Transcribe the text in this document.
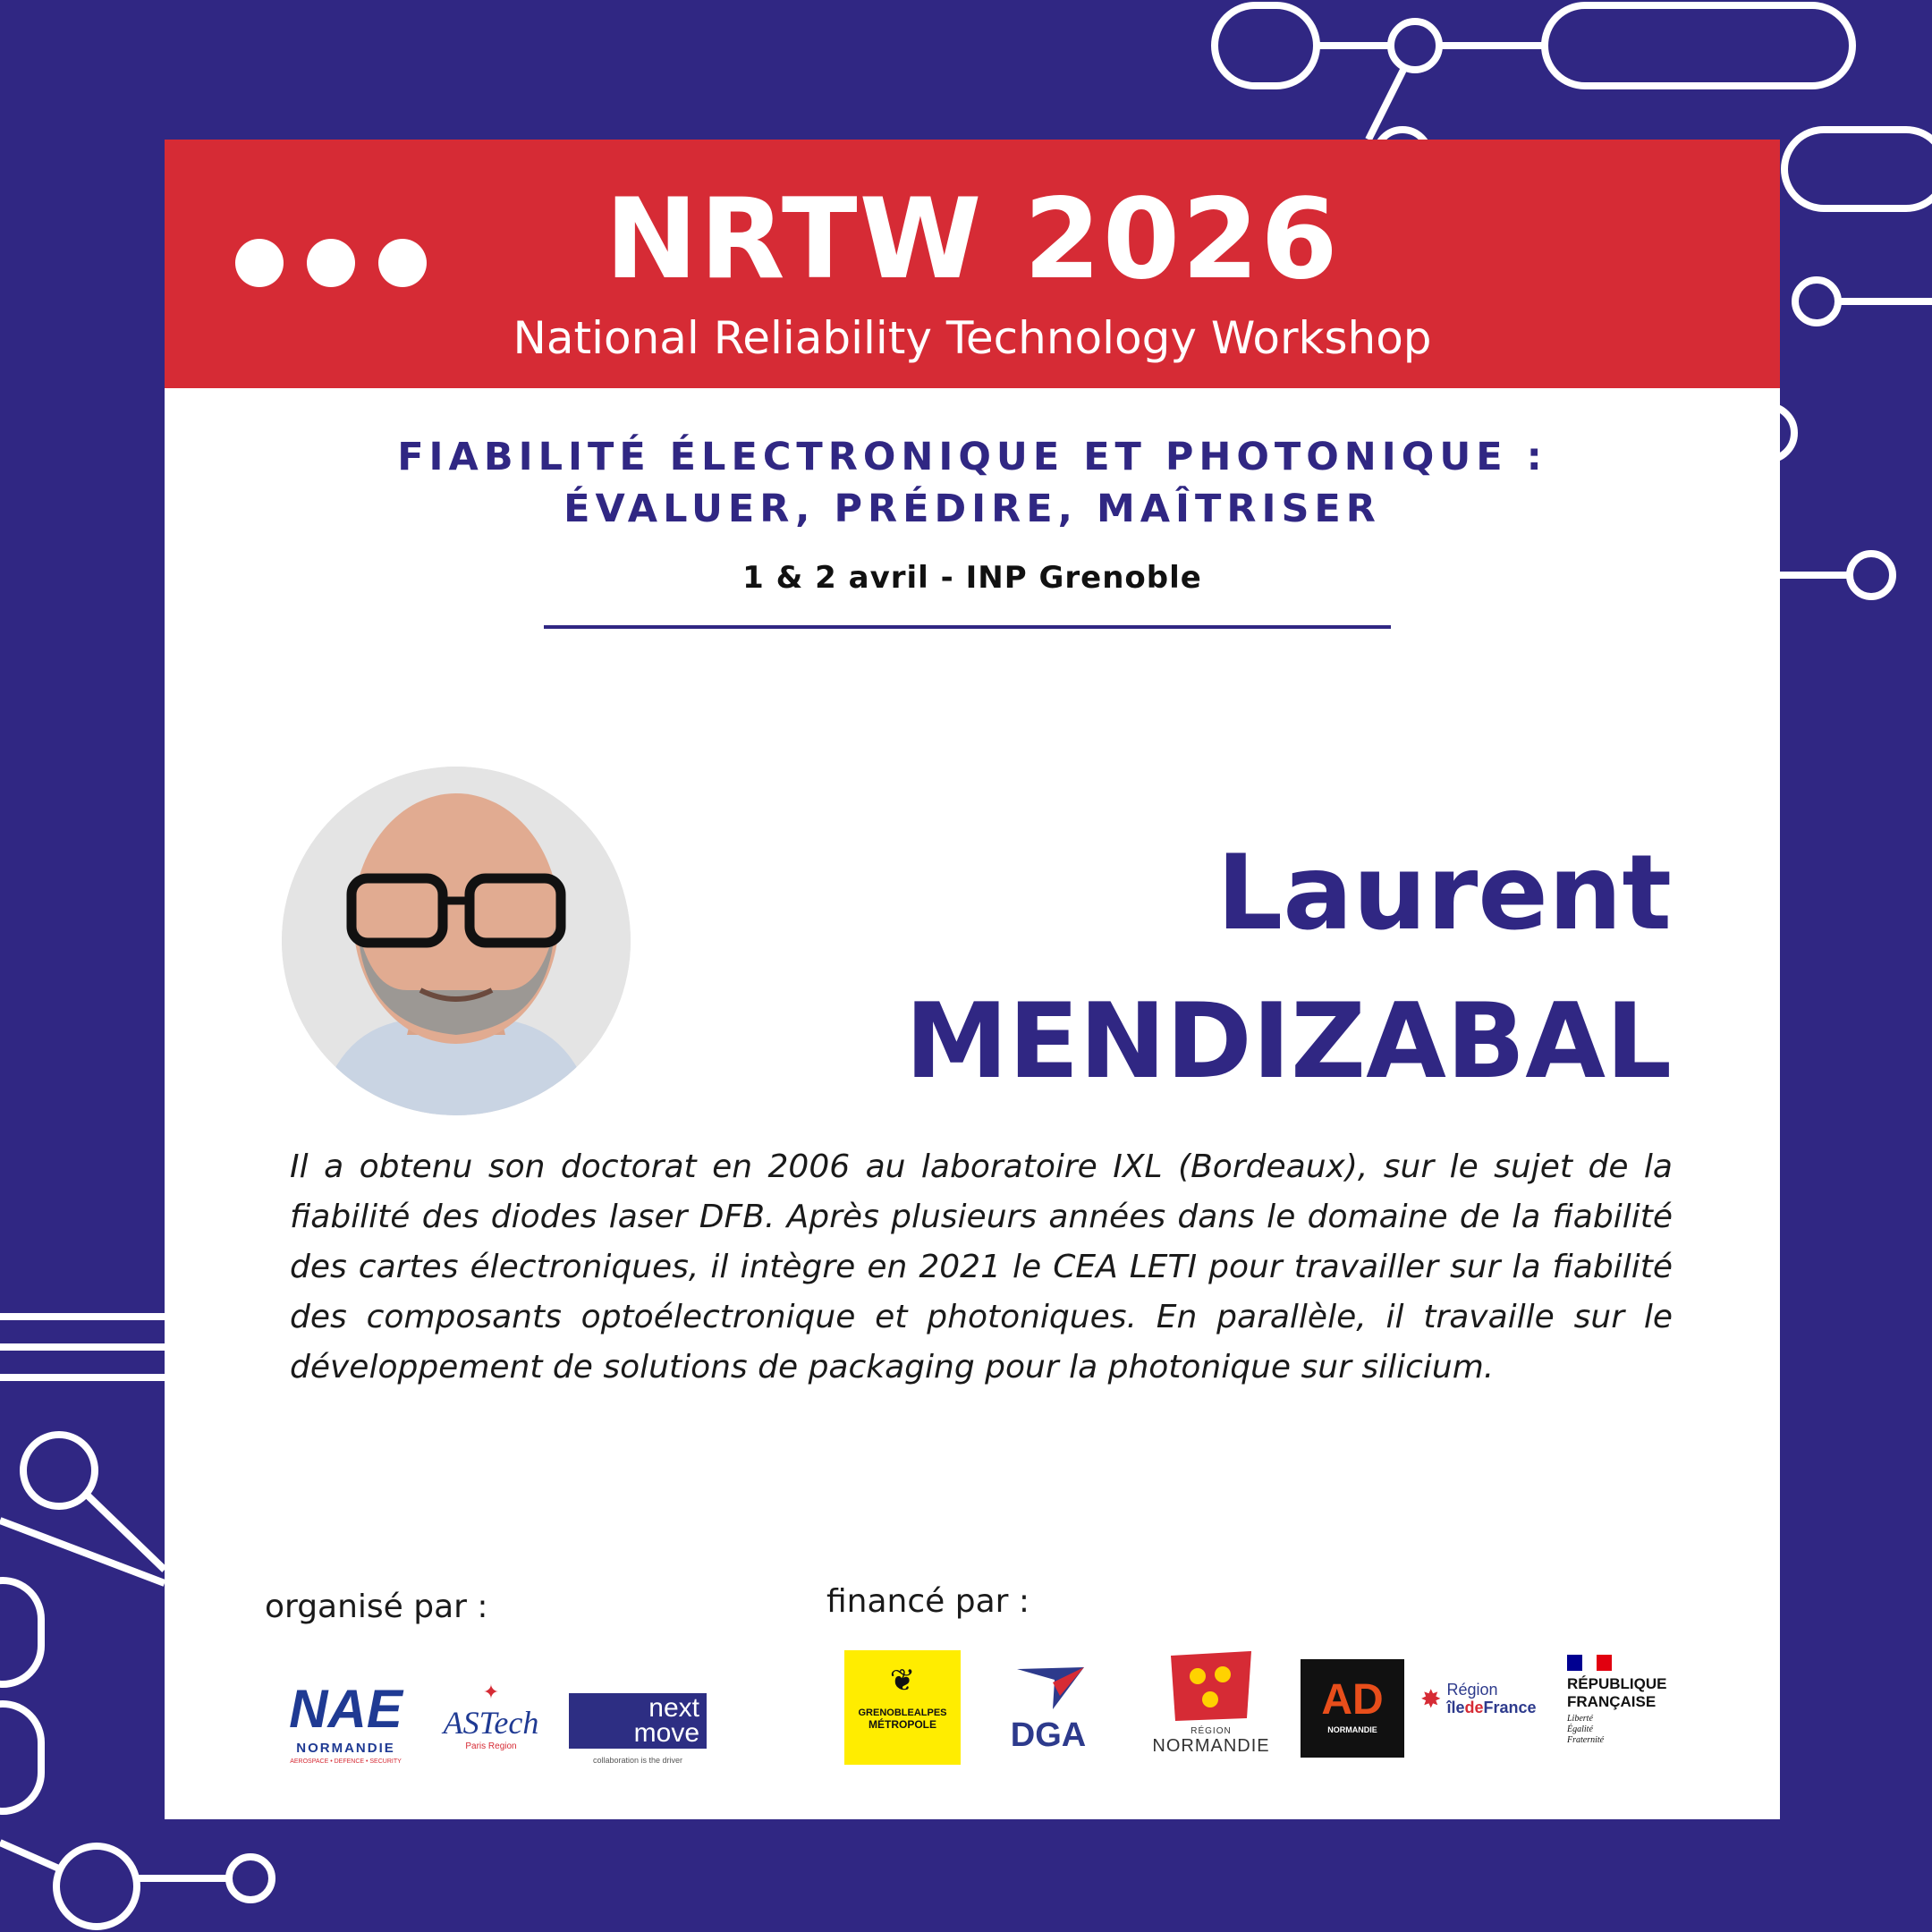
NRTW 2026
National Reliability Technology Workshop
FIABILITÉ ÉLECTRONIQUE ET PHOTONIQUE :
ÉVALUER, PRÉDIRE, MAÎTRISER
1 & 2 avril - INP Grenoble
Laurent
MENDIZABAL
Il a obtenu son doctorat en 2006 au laboratoire IXL (Bordeaux), sur le sujet de la fiabilité des diodes laser DFB. Après plusieurs années dans le domaine de la fiabilité des cartes électroniques, il intègre en 2021 le CEA LETI pour travailler sur la fiabilité des composants optoélectronique et photoniques. En parallèle, il travaille sur le développement de solutions de packaging pour la photonique sur silicium.
organisé par :	financé par :
NAE
NORMANDIE
AEROSPACE • DEFENCE • SECURITY
✦
ASTech
Paris Region
next
move
collaboration is the driver
❦
GRENOBLEALPES
MÉTROPOLE	DGA	RÉGION
NORMANDIE
AD
NORMANDIE
✸ Région
îledeFrance
RÉPUBLIQUE
FRANÇAISE
Liberté
Égalité
Fraternité
